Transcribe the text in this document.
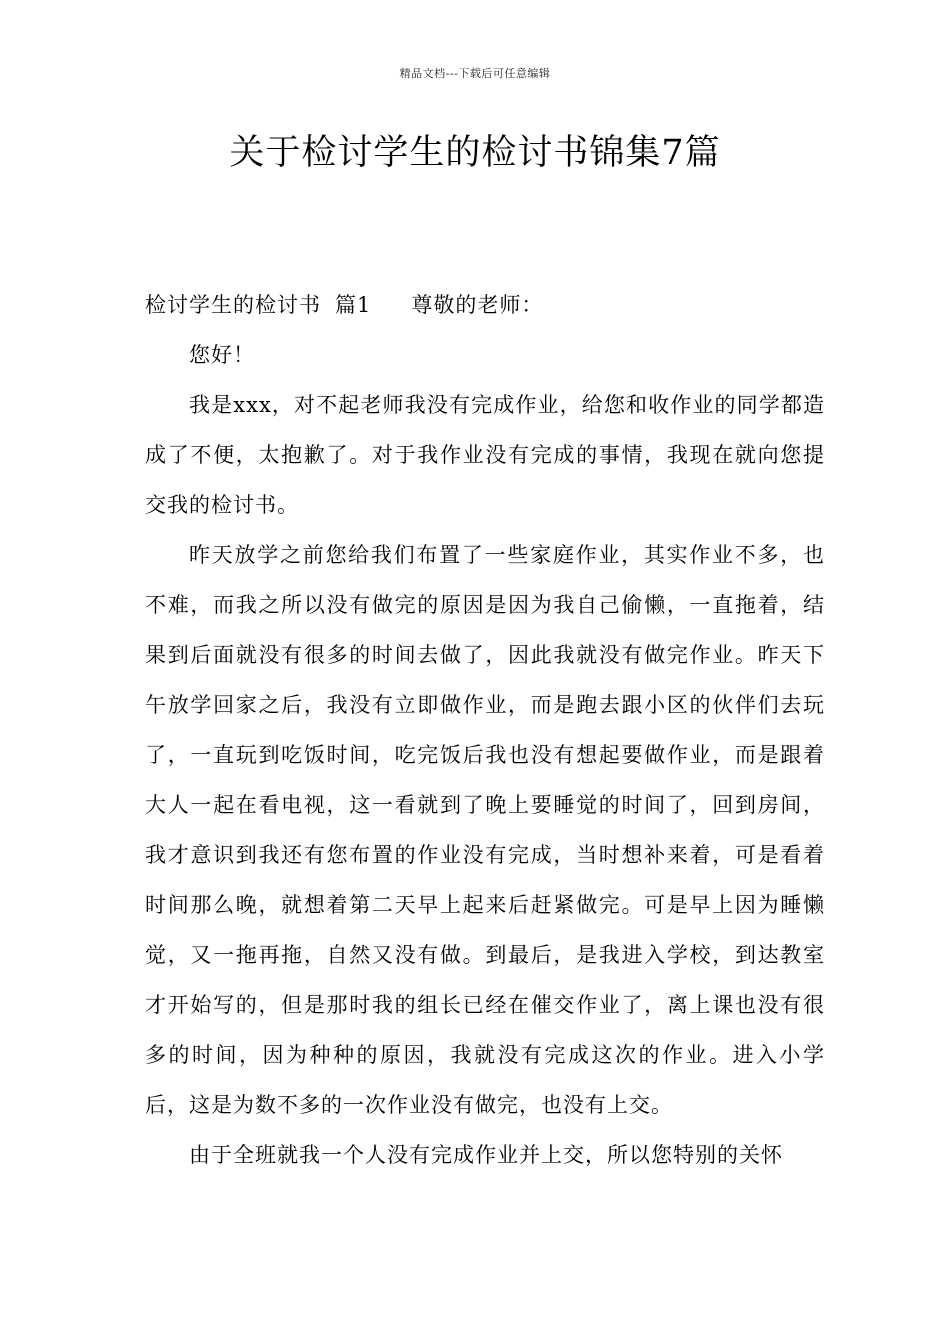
精品文档---下载后可任意编辑
关于检讨学生的检讨书锦集7篇

检讨学生的检讨书 篇1 尊敬的老师：

您好！

我是xxx，对不起老师我没有完成作业，给您和收作业的同学都造成了不便，太抱歉了。对于我作业没有完成的事情，我现在就向您提交我的检讨书。

昨天放学之前您给我们布置了一些家庭作业，其实作业不多，也不难，而我之所以没有做完的原因是因为我自己偷懒，一直拖着，结果到后面就没有很多的时间去做了，因此我就没有做完作业。昨天下午放学回家之后，我没有立即做作业，而是跑去跟小区的伙伴们去玩了，一直玩到吃饭时间，吃完饭后我也没有想起要做作业，而是跟着大人一起在看电视，这一看就到了晚上要睡觉的时间了，回到房间，我才意识到我还有您布置的作业没有完成，当时想补来着，可是看着时间那么晚，就想着第二天早上起来后赶紧做完。可是早上因为睡懒觉，又一拖再拖，自然又没有做。到最后，是我进入学校，到达教室才开始写的，但是那时我的组长已经在催交作业了，离上课也没有很多的时间，因为种种的原因，我就没有完成这次的作业。进入小学后，这是为数不多的一次作业没有做完，也没有上交。

由于全班就我一个人没有完成作业并上交，所以您特别的关怀
